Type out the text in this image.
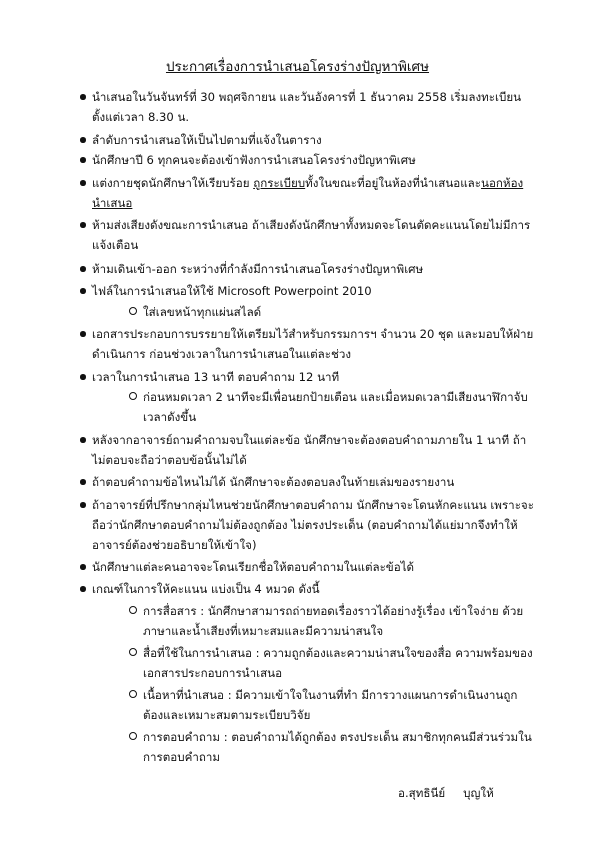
ประกาศเรื่องการนำเสนอโครงร่างปัญหาพิเศษ
นำเสนอในวันจันทร์ที่ 30 พฤศจิกายน และวันอังคารที่ 1 ธันวาคม 2558 เริ่มลงทะเบียนตั้งแต่เวลา 8.30 น.
ลำดับการนำเสนอให้เป็นไปตามที่แจ้งในตาราง
นักศึกษาปี 6 ทุกคนจะต้องเข้าฟังการนำเสนอโครงร่างปัญหาพิเศษ
แต่งกายชุดนักศึกษาให้เรียบร้อย ถูกระเบียบทั้งในขณะที่อยู่ในห้องที่นำเสนอและนอกห้องนำเสนอ
ห้ามส่งเสียงดังขณะการนำเสนอ ถ้าเสียงดังนักศึกษาทั้งหมดจะโดนตัดคะแนนโดยไม่มีการแจ้งเตือน
ห้ามเดินเข้า-ออก ระหว่างที่กำลังมีการนำเสนอโครงร่างปัญหาพิเศษ
ไฟล์ในการนำเสนอให้ใช้ Microsoft Powerpoint 2010
ใส่เลขหน้าทุกแผ่นสไลด์
เอกสารประกอบการบรรยายให้เตรียมไว้สำหรับกรรมการฯ จำนวน 20 ชุด และมอบให้ฝ่ายดำเนินการ ก่อนช่วงเวลาในการนำเสนอในแต่ละช่วง
เวลาในการนำเสนอ 13 นาที ตอบคำถาม 12 นาที
ก่อนหมดเวลา 2 นาทีจะมีเพื่อนยกป้ายเตือน และเมื่อหมดเวลามีเสียงนาฬิกาจับเวลาดังขึ้น
หลังจากอาจารย์ถามคำถามจบในแต่ละข้อ นักศึกษาจะต้องตอบคำถามภายใน 1 นาที ถ้าไม่ตอบจะถือว่าตอบข้อนั้นไม่ได้
ถ้าตอบคำถามข้อไหนไม่ได้ นักศึกษาจะต้องตอบลงในท้ายเล่มของรายงาน
ถ้าอาจารย์ที่ปรึกษากลุ่มไหนช่วยนักศึกษาตอบคำถาม นักศึกษาจะโดนหักคะแนน เพราะจะถือว่านักศึกษาตอบคำถามไม่ต้องถูกต้อง ไม่ตรงประเด็น (ตอบคำถามได้แย่มากจึงทำให้อาจารย์ต้องช่วยอธิบายให้เข้าใจ)
นักศึกษาแต่ละคนอาจจะโดนเรียกชื่อให้ตอบคำถามในแต่ละข้อได้
เกณฑ์ในการให้คะแนน แบ่งเป็น 4 หมวด ดังนี้
การสื่อสาร : นักศึกษาสามารถถ่ายทอดเรื่องราวได้อย่างรู้เรื่อง เข้าใจง่าย ด้วยภาษาและน้ำเสียงที่เหมาะสมและมีความน่าสนใจ
สื่อที่ใช้ในการนำเสนอ : ความถูกต้องและความน่าสนใจของสื่อ ความพร้อมของเอกสารประกอบการนำเสนอ
เนื้อหาที่นำเสนอ : มีความเข้าใจในงานที่ทำ มีการวางแผนการดำเนินงานถูกต้องและเหมาะสมตามระเบียบวิจัย
การตอบคำถาม : ตอบคำถามได้ถูกต้อง ตรงประเด็น สมาชิกทุกคนมีส่วนร่วมในการตอบคำถาม
อ.สุทธินีย์ บุญให้
